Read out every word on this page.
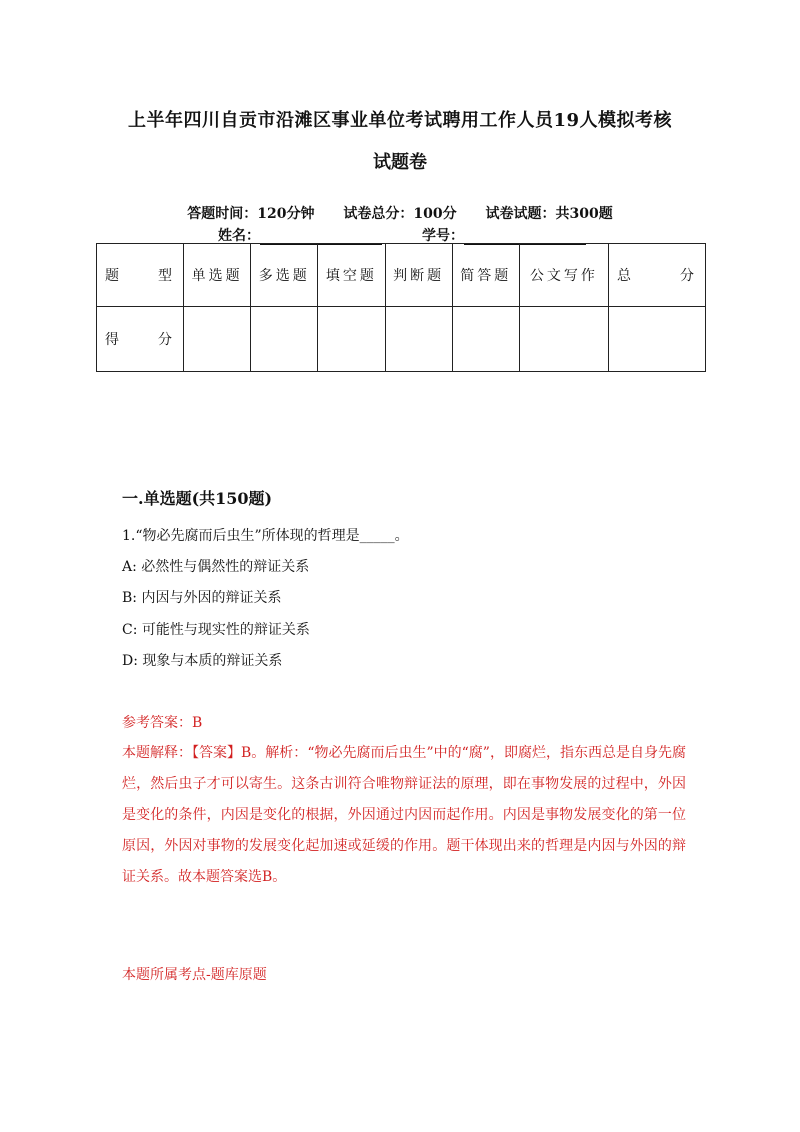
上半年四川自贡市沿滩区事业单位考试聘用工作人员19人模拟考核
试题卷
答题时间：120分钟 试卷总分：100分 试卷试题：共300题
姓名：	学号：
题型	单选题	多选题	填空题	判断题	简答题	公文写作	总分
得分							
一.单选题(共150题)
1.“物必先腐而后虫生”所体现的哲理是_____。
A: 必然性与偶然性的辩证关系
B: 内因与外因的辩证关系
C: 可能性与现实性的辩证关系
D: 现象与本质的辩证关系
参考答案：B
本题解释：【答案】B。解析：“物必先腐而后虫生”中的“腐”，即腐烂，指东西总是自身先腐烂，然后虫子才可以寄生。这条古训符合唯物辩证法的原理，即在事物发展的过程中，外因是变化的条件，内因是变化的根据，外因通过内因而起作用。内因是事物发展变化的第一位原因，外因对事物的发展变化起加速或延缓的作用。题干体现出来的哲理是内因与外因的辩证关系。故本题答案选B。
本题所属考点-题库原题
